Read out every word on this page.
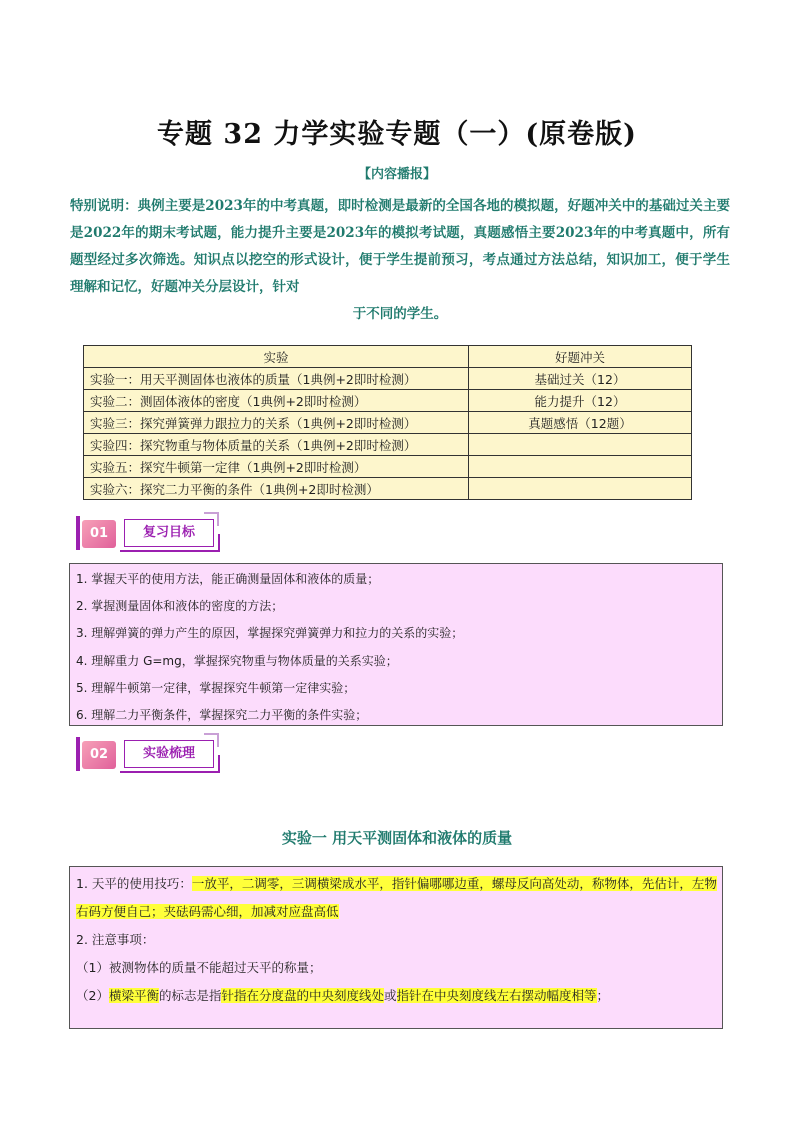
专题 32 力学实验专题（一）(原卷版)
【内容播报】
特别说明：典例主要是2023年的中考真题，即时检测是最新的全国各地的模拟题，好题冲关中的基础过关主要是2022年的期末考试题，能力提升主要是2023年的模拟考试题，真题感悟主要2023年的中考真题中，所有题型经过多次筛选。知识点以挖空的形式设计，便于学生提前预习，考点通过方法总结，知识加工，便于学生理解和记忆，好题冲关分层设计，针对
于不同的学生。
实验	好题冲关
实验一：用天平测固体也液体的质量（1典例+2即时检测）	基础过关（12）
实验二：测固体液体的密度（1典例+2即时检测）	能力提升（12）
实验三：探究弹簧弹力跟拉力的关系（1典例+2即时检测）	真题感悟（12题）
实验四：探究物重与物体质量的关系（1典例+2即时检测）	
实验五：探究牛顿第一定律（1典例+2即时检测）	
实验六：探究二力平衡的条件（1典例+2即时检测）	
01	复习目标
1. 掌握天平的使用方法，能正确测量固体和液体的质量；
2. 掌握测量固体和液体的密度的方法；
3. 理解弹簧的弹力产生的原因，掌握探究弹簧弹力和拉力的关系的实验；
4. 理解重力 G=mg，掌握探究物重与物体质量的关系实验；
5. 理解牛顿第一定律，掌握探究牛顿第一定律实验；
6. 理解二力平衡条件，掌握探究二力平衡的条件实验；
02	实验梳理
实验一 用天平测固体和液体的质量
1. 天平的使用技巧：一放平，二调零，三调横梁成水平，指针偏哪哪边重，螺母反向高处动，称物体，先估计，左物右码方便自己；夹砝码需心细，加减对应盘高低
2. 注意事项：
（1）被测物体的质量不能超过天平的称量；
（2）横梁平衡的标志是指针指在分度盘的中央刻度线处或指针在中央刻度线左右摆动幅度相等；
